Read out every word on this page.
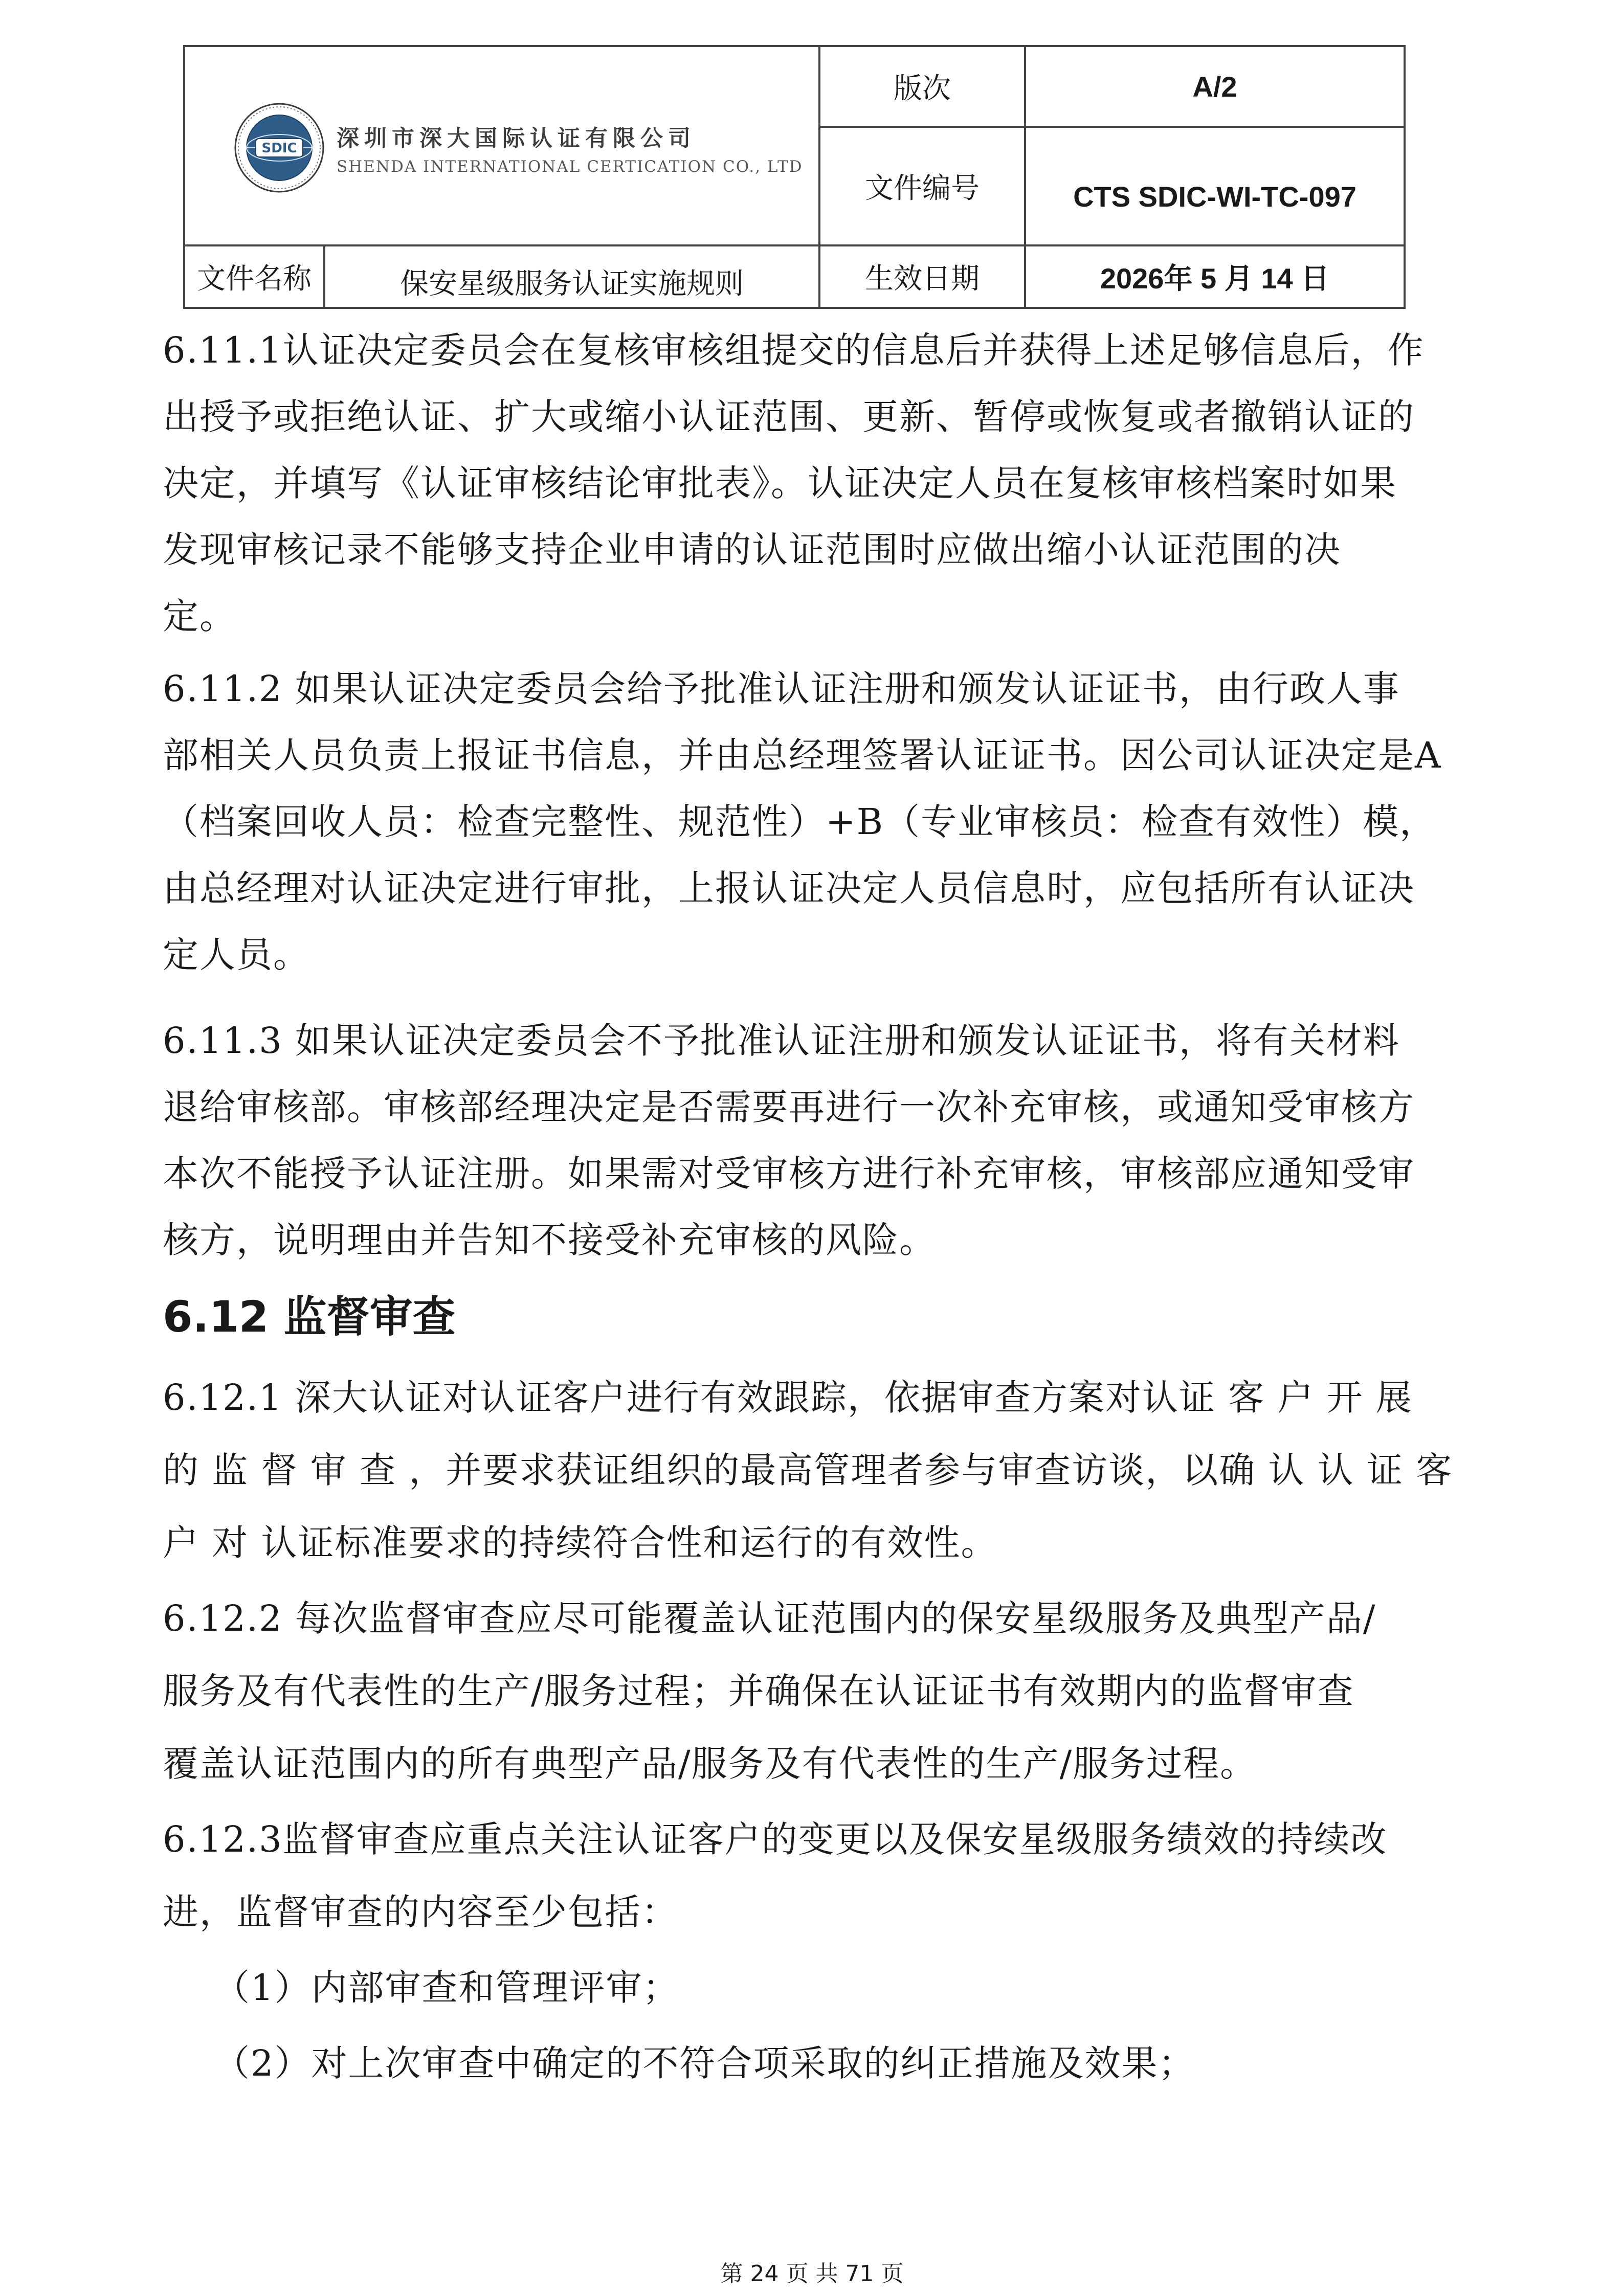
SDIC 深圳市深大国际认证有限公司
SHENDA INTERNATIONAL CERTICATION CO., LTD
版次	A/2
文件编号	CTS SDIC-WI-TC-097
文件名称	保安星级服务认证实施规则	生效日期	2026年 5 月 14 日
6.11.1认证决定委员会在复核审核组提交的信息后并获得上述足够信息后，作
出授予或拒绝认证、扩大或缩小认证范围、更新、暂停或恢复或者撤销认证的
决定，并填写《认证审核结论审批表》。认证决定人员在复核审核档案时如果
发现审核记录不能够支持企业申请的认证范围时应做出缩小认证范围的决
定。
6.11.2 如果认证决定委员会给予批准认证注册和颁发认证证书，由行政人事
部相关人员负责上报证书信息，并由总经理签署认证证书。因公司认证决定是A
（档案回收人员：检查完整性、规范性）+B（专业审核员：检查有效性）模，
由总经理对认证决定进行审批，上报认证决定人员信息时，应包括所有认证决
定人员。
6.11.3 如果认证决定委员会不予批准认证注册和颁发认证证书，将有关材料
退给审核部。审核部经理决定是否需要再进行一次补充审核，或通知受审核方
本次不能授予认证注册。如果需对受审核方进行补充审核，审核部应通知受审
核方，说明理由并告知不接受补充审核的风险。
6.12 监督审查
6.12.1 深大认证对认证客户进行有效跟踪，依据审查方案对认证 客 户 开 展
的 监 督 审 查 ，并要求获证组织的最高管理者参与审查访谈，以确 认 认 证 客
户 对 认证标准要求的持续符合性和运行的有效性。
6.12.2 每次监督审查应尽可能覆盖认证范围内的保安星级服务及典型产品/
服务及有代表性的生产/服务过程；并确保在认证证书有效期内的监督审查
覆盖认证范围内的所有典型产品/服务及有代表性的生产/服务过程。
6.12.3监督审查应重点关注认证客户的变更以及保安星级服务绩效的持续改
进，监督审查的内容至少包括：
（1）内部审查和管理评审；
（2）对上次审查中确定的不符合项采取的纠正措施及效果；
第 24 页 共 71 页
